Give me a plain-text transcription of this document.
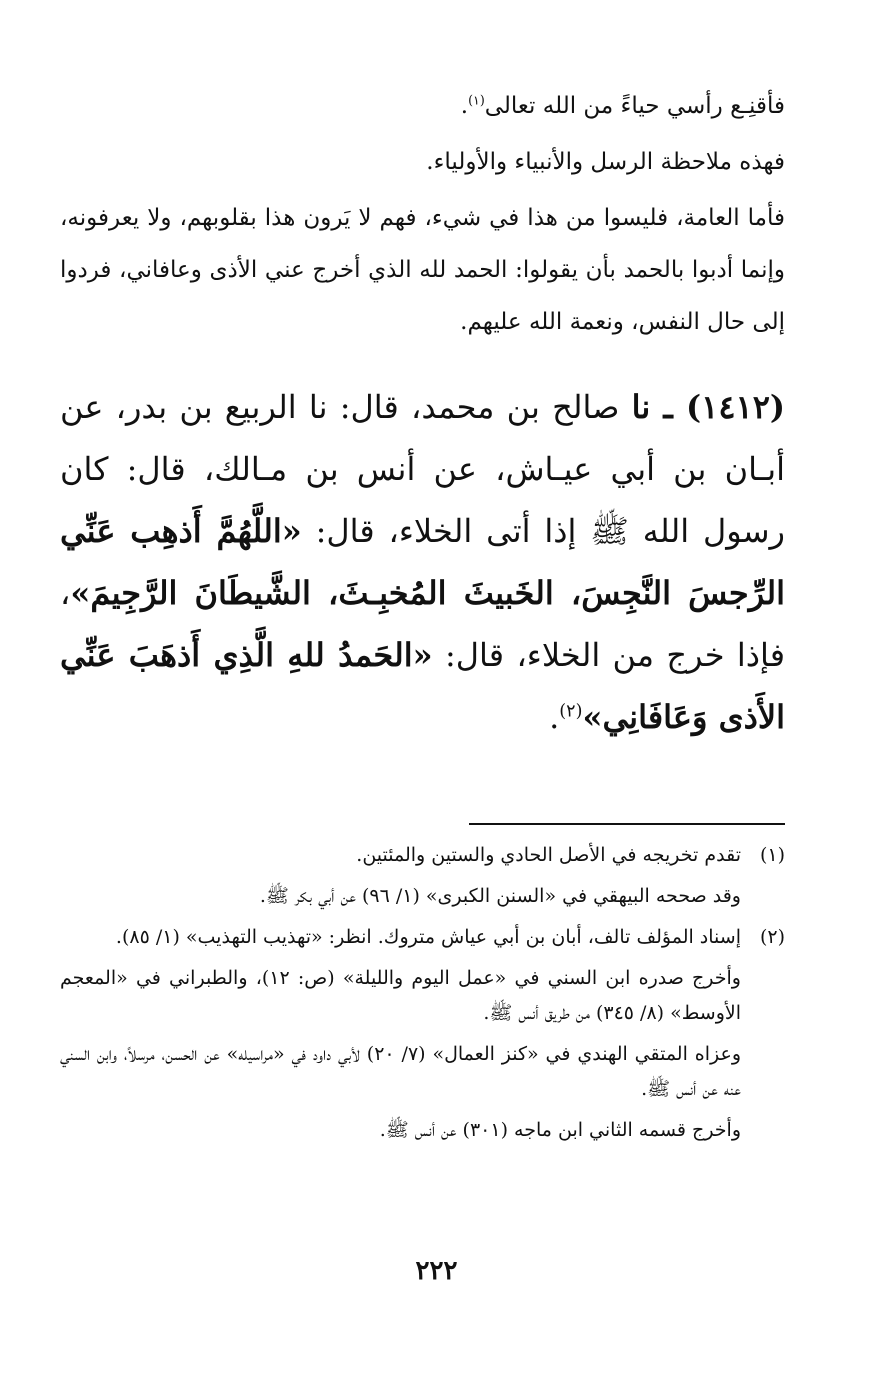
فأقنِـع رأسي حياءً من الله تعالى$^{(١)}$.

فهذه ملاحظة الرسل والأنبياء والأولياء.

فأما العامة، فليسوا من هذا في شيء، فهم لا يَرون هذا بقلوبهم، ولا يعرفونه، وإنما أدبوا بالحمد بأن يقولوا: الحمد لله الذي أخرج عني الأذى وعافاني، فردوا إلى حال النفس، ونعمة الله عليهم.

(١٤١٢) ـ نا صالح بن محمد، قال: نا الربيع بن بدر، عن أبـان بن أبي عيـاش، عن أنس بن مـالك، قال: كان رسول الله ﷺ إذا أتى الخلاء، قال: «اللَّهُمَّ أَذهِب عَنِّي الرِّجسَ النَّجِسَ، الخَبيثَ المُخبِـثَ، الشَّيطَانَ الرَّجِيمَ»، فإذا خرج من الخلاء، قال: «الحَمدُ للهِ الَّذِي أَذهَبَ عَنِّي الأَذى وَعَافَانِي»$^{(٢)}$.

(١)
تقدم تخريجه في الأصل الحادي والستين والمئتين.
وقد صححه البيهقي في «السنن الكبرى» (١/ ٩٦) عن أبي بكر ﷺ.
(٢)
إسناد المؤلف تالف، أبان بن أبي عياش متروك. انظر: «تهذيب التهذيب» (١/ ٨٥).
وأخرج صدره ابن السني في «عمل اليوم والليلة» (ص: ١٢)، والطبراني في «المعجم الأوسط» (٨/ ٣٤٥) من طريق أنس ﷺ.
وعزاه المتقي الهندي في «كنز العمال» (٧/ ٢٠) لأبي داود في «مراسيله» عن الحسن، مرسلاً، وابن السني عنه عن أنس ﷺ.
وأخرج قسمه الثاني ابن ماجه (٣٠١) عن أنس ﷺ.
٢٢٢
